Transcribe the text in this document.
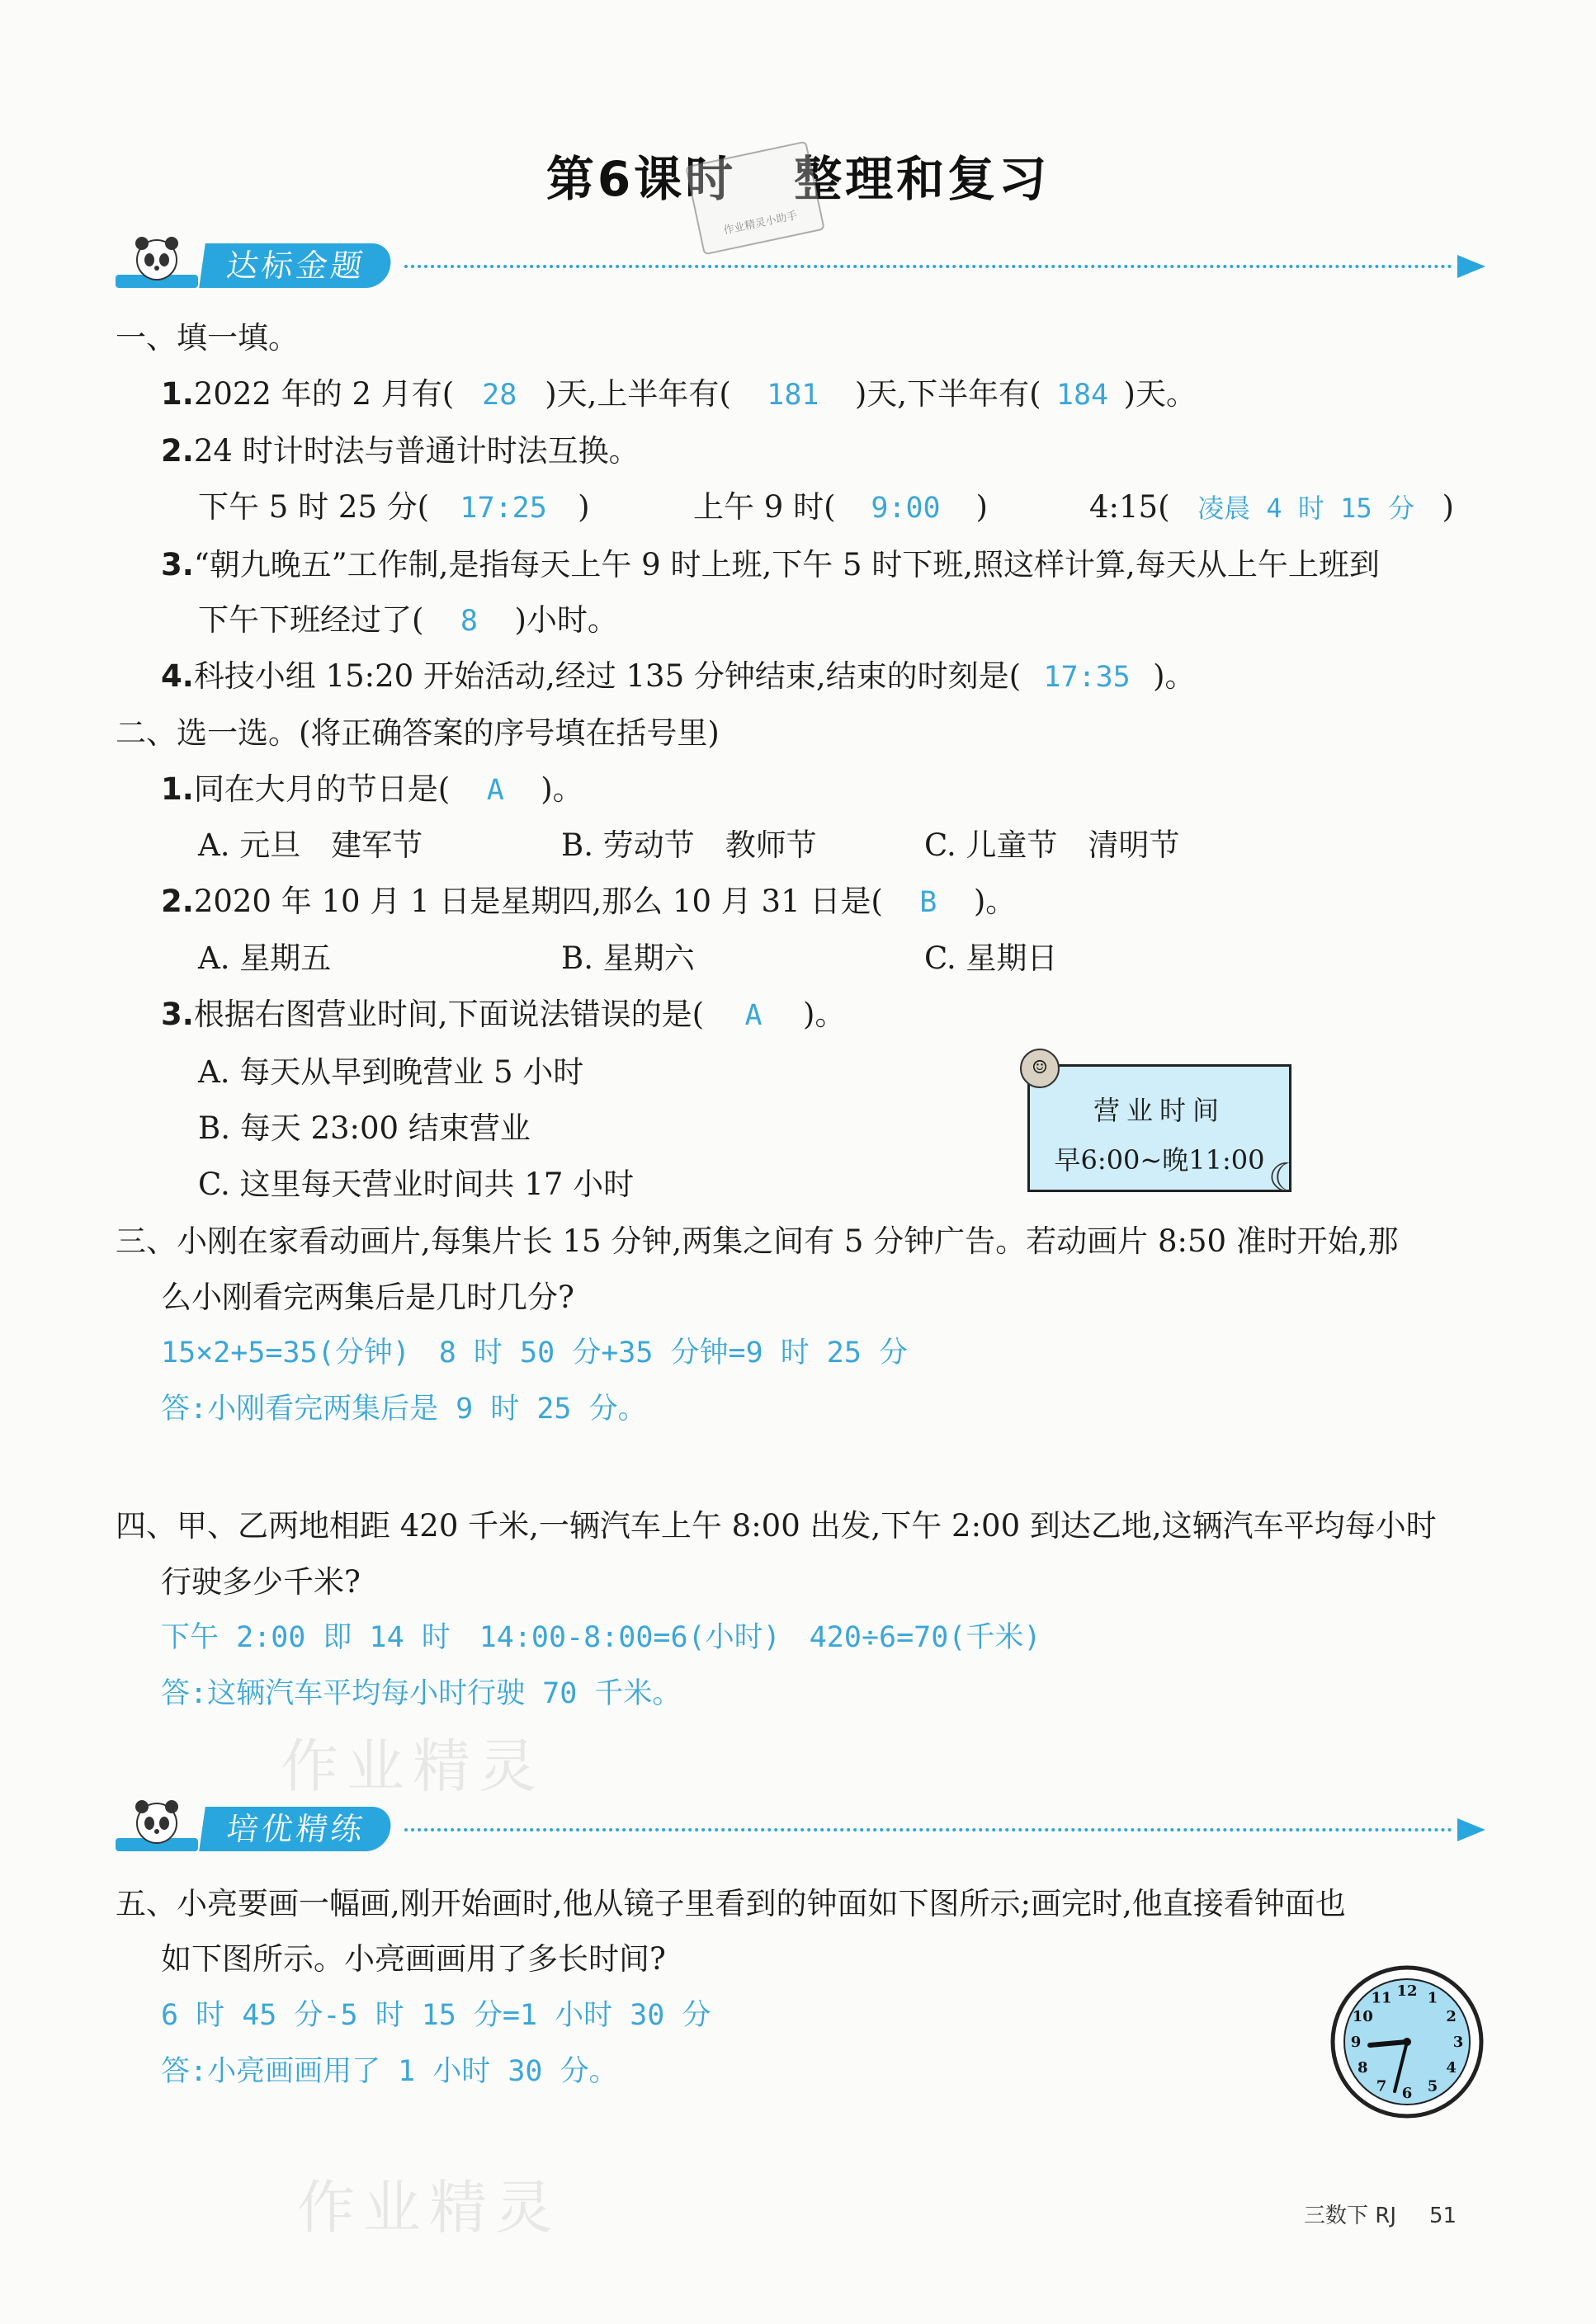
第6课时 整理和复习
作业精灵小助手
达标金题
一、填一填。
1.2022 年的 2 月有( 28 )天,上半年有( 181 )天,下半年有( 184 )天。
2.24 时计时法与普通计时法互换。
下午 5 时 25 分( 17:25 )	上午 9 时( 9:00 )	4:15( 凌晨 4 时 15 分 )
3.“朝九晚五”工作制,是指每天上午 9 时上班,下午 5 时下班,照这样计算,每天从上午上班到
下午下班经过了( 8 )小时。
4.科技小组 15:20 开始活动,经过 135 分钟结束,结束的时刻是( 17:35 )。
二、选一选。(将正确答案的序号填在括号里)
1.同在大月的节日是( A )。
A. 元旦　建军节	B. 劳动节　教师节	C. 儿童节　清明节
2.2020 年 10 月 1 日是星期四,那么 10 月 31 日是( B )。
A. 星期五	B. 星期六	C. 星期日
3.根据右图营业时间,下面说法错误的是( A )。
A. 每天从早到晚营业 5 小时
B. 每天 23:00 结束营业
C. 这里每天营业时间共 17 小时
☺
营业时间
早6:00~晚11:00 ☾
三、小刚在家看动画片,每集片长 15 分钟,两集之间有 5 分钟广告。若动画片 8:50 准时开始,那
么小刚看完两集后是几时几分?
15×2+5=35(分钟)　8 时 50 分+35 分钟=9 时 25 分
答:小刚看完两集后是 9 时 25 分。
四、甲、乙两地相距 420 千米,一辆汽车上午 8:00 出发,下午 2:00 到达乙地,这辆汽车平均每小时
行驶多少千米?
下午 2:00 即 14 时　14:00-8:00=6(小时)　420÷6=70(千米)
答:这辆汽车平均每小时行驶 70 千米。
作业精灵
培优精练
五、小亮要画一幅画,刚开始画时,他从镜子里看到的钟面如下图所示;画完时,他直接看钟面也
如下图所示。小亮画画用了多长时间?
6 时 45 分-5 时 15 分=1 小时 30 分
答:小亮画画用了 1 小时 30 分。
12 1
2
3
4
5
6
7
8
9
10
11
作业精灵	三数下 RJ 51
